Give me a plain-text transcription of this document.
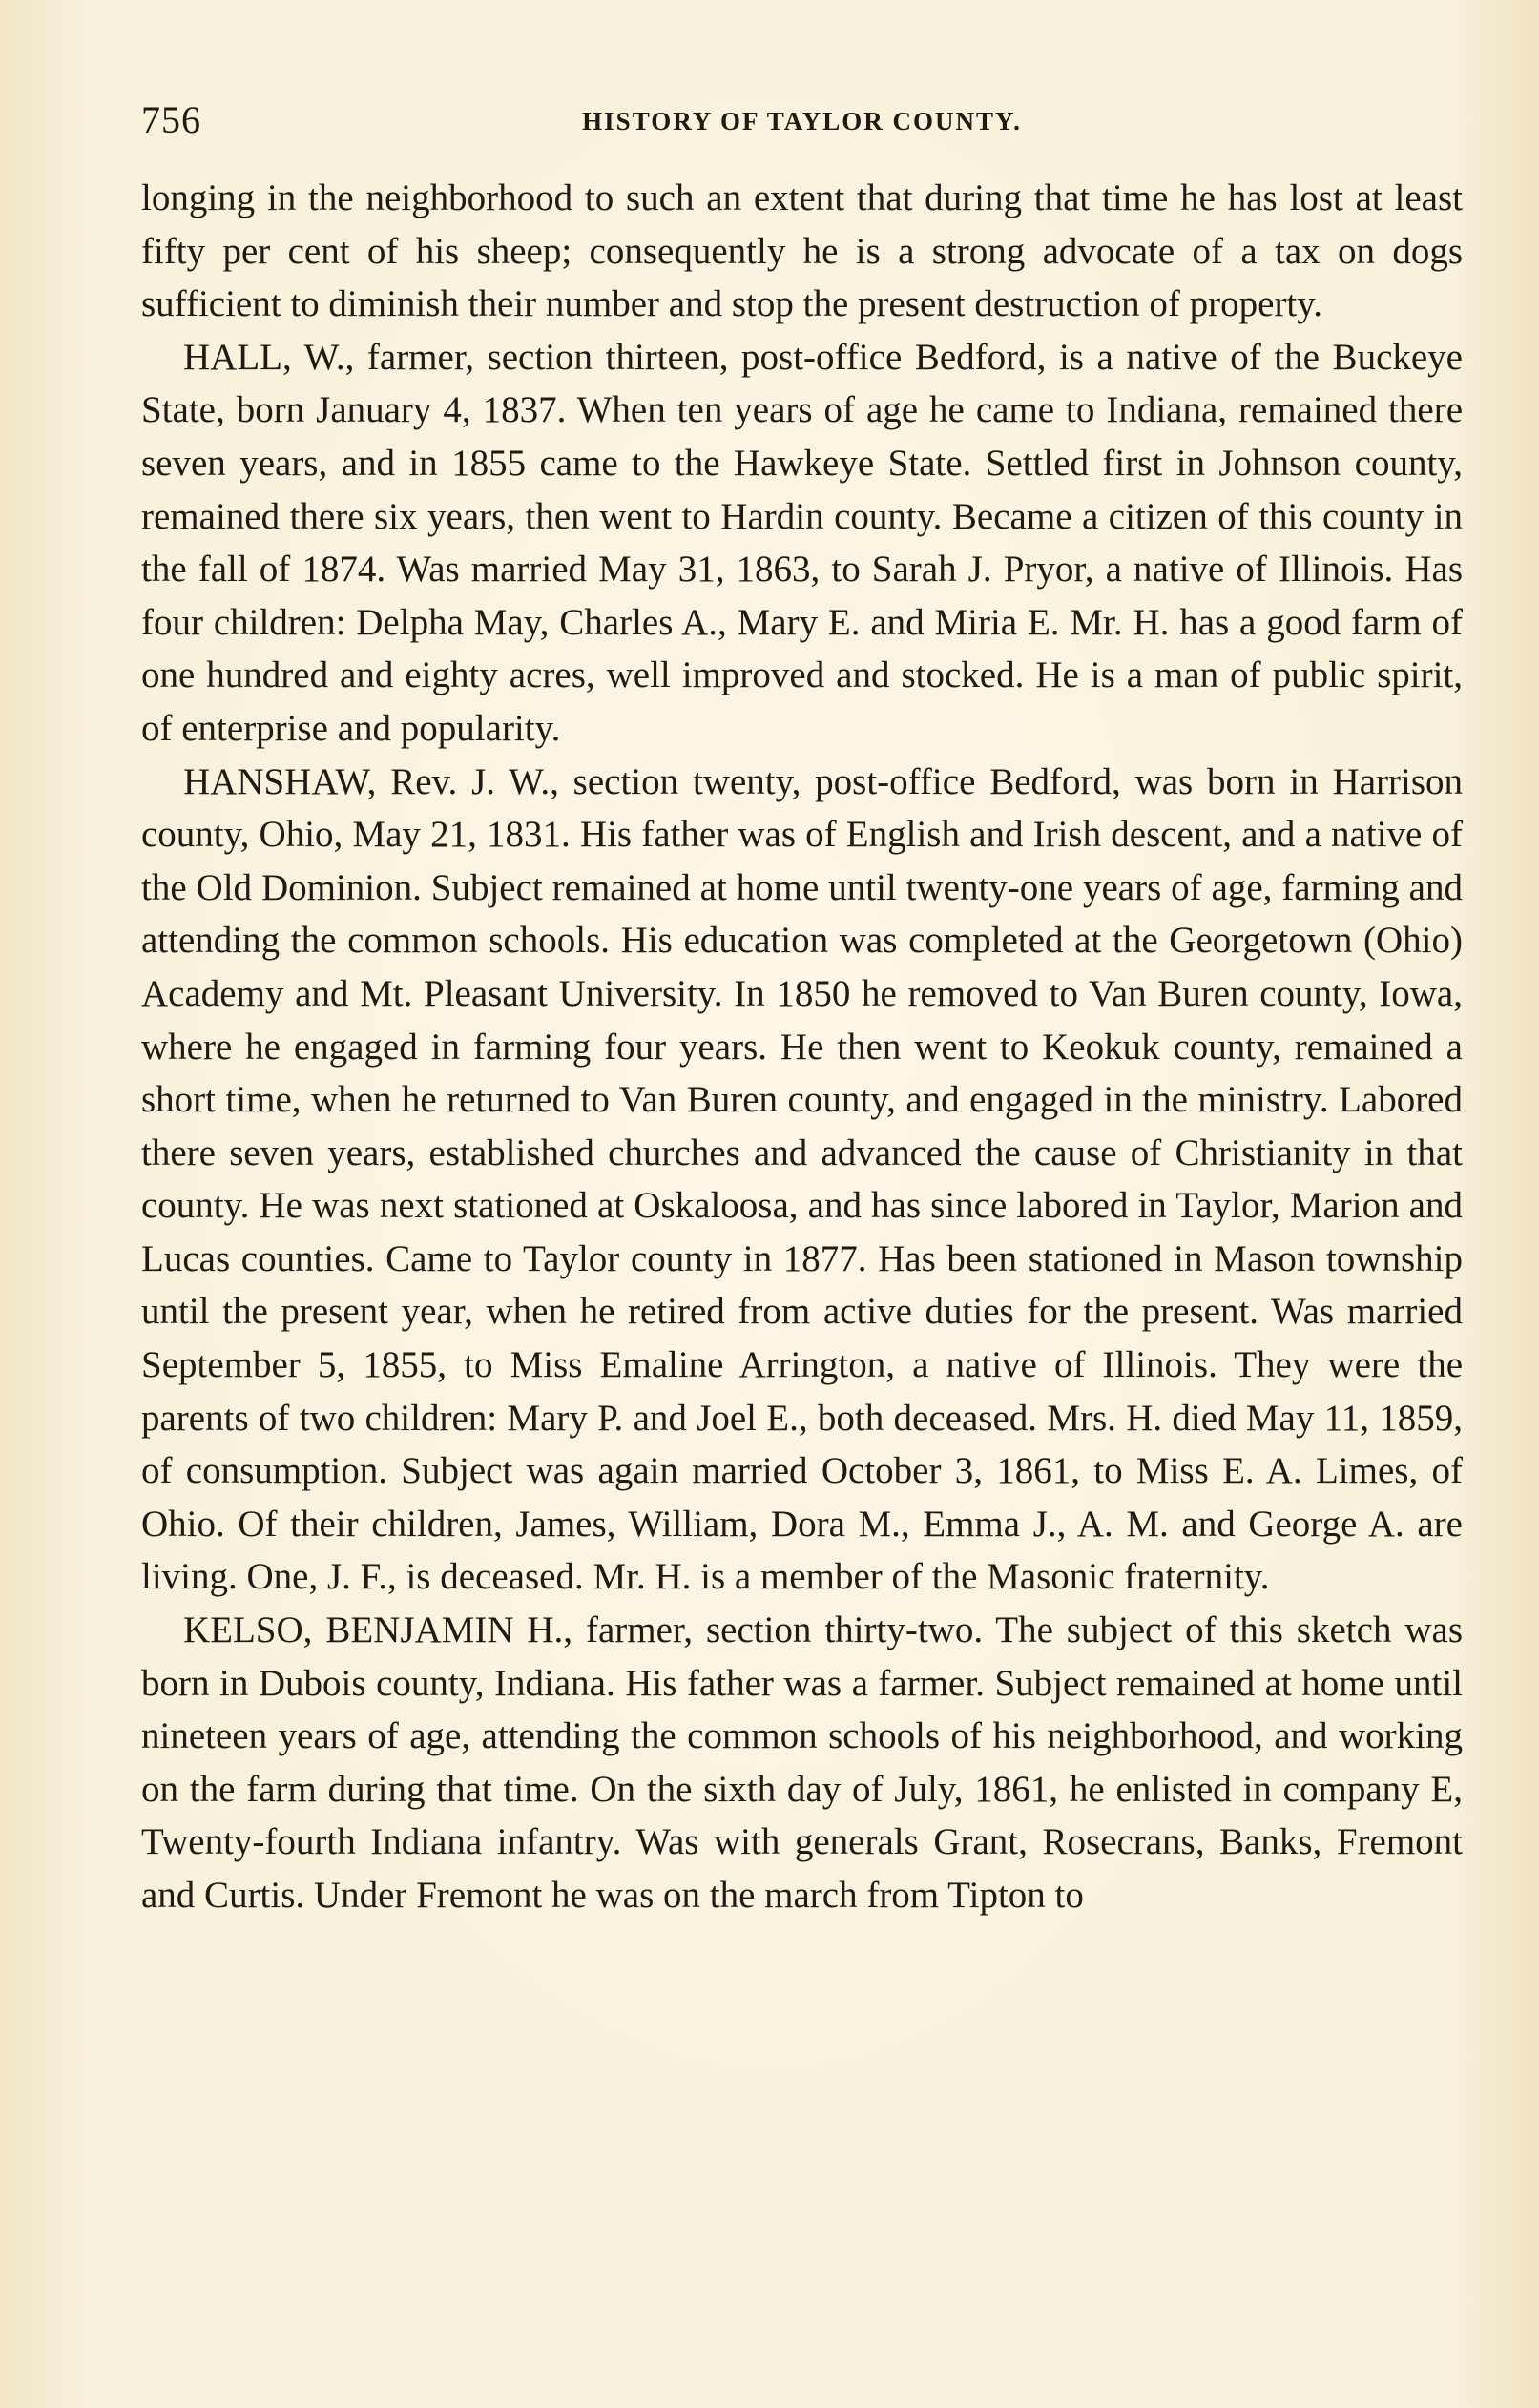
756	HISTORY OF TAYLOR COUNTY.

longing in the neighborhood to such an extent that during that time he has lost at least fifty per cent of his sheep; consequently he is a strong advocate of a tax on dogs sufficient to diminish their number and stop the present destruction of property.

HALL, W., farmer, section thirteen, post-office Bedford, is a native of the Buckeye State, born January 4, 1837. When ten years of age he came to Indiana, remained there seven years, and in 1855 came to the Hawkeye State. Settled first in Johnson county, remained there six years, then went to Hardin county. Became a citizen of this county in the fall of 1874. Was married May 31, 1863, to Sarah J. Pryor, a native of Illinois. Has four children: Delpha May, Charles A., Mary E. and Miria E. Mr. H. has a good farm of one hundred and eighty acres, well improved and stocked. He is a man of public spirit, of enterprise and popularity.

HANSHAW, Rev. J. W., section twenty, post-office Bedford, was born in Harrison county, Ohio, May 21, 1831. His father was of English and Irish descent, and a native of the Old Dominion. Subject remained at home until twenty-one years of age, farming and attending the common schools. His education was completed at the Georgetown (Ohio) Academy and Mt. Pleasant University. In 1850 he removed to Van Buren county, Iowa, where he engaged in farming four years. He then went to Keokuk county, remained a short time, when he returned to Van Buren county, and engaged in the ministry. Labored there seven years, established churches and advanced the cause of Christianity in that county. He was next stationed at Oskaloosa, and has since labored in Taylor, Marion and Lucas counties. Came to Taylor county in 1877. Has been stationed in Mason township until the present year, when he retired from active duties for the present. Was married September 5, 1855, to Miss Emaline Arrington, a native of Illinois. They were the parents of two children: Mary P. and Joel E., both deceased. Mrs. H. died May 11, 1859, of consumption. Subject was again married October 3, 1861, to Miss E. A. Limes, of Ohio. Of their children, James, William, Dora M., Emma J., A. M. and George A. are living. One, J. F., is deceased. Mr. H. is a member of the Masonic fraternity.

KELSO, BENJAMIN H., farmer, section thirty-two. The subject of this sketch was born in Dubois county, Indiana. His father was a farmer. Subject remained at home until nineteen years of age, attending the common schools of his neighborhood, and working on the farm during that time. On the sixth day of July, 1861, he enlisted in company E, Twenty-fourth Indiana infantry. Was with generals Grant, Rosecrans, Banks, Fremont and Curtis. Under Fremont he was on the march from Tipton to
